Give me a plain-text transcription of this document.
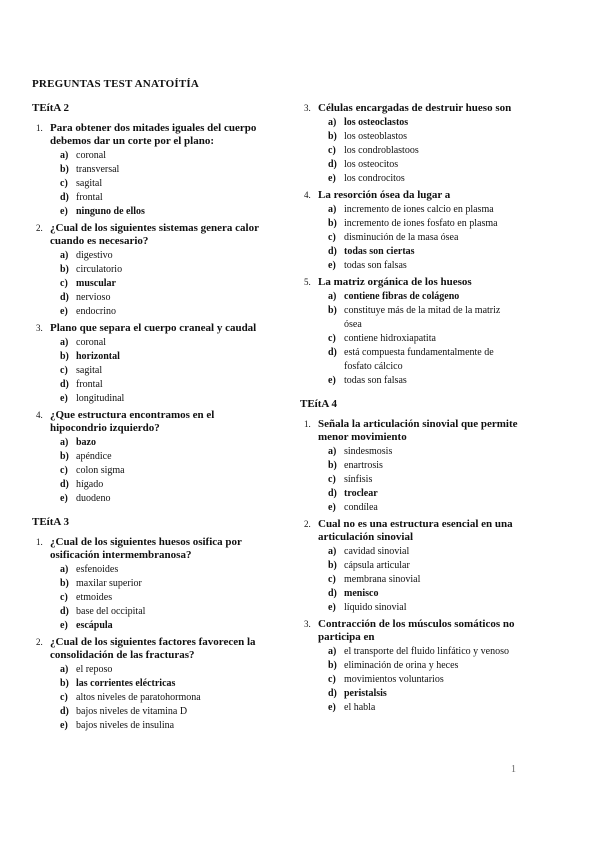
PREGUNTAS TEST ANATOÍTÍA
TEítA 2
1. Para obtener dos mitades iguales del cuerpo debemos dar un corte por el plano:
a) coronal
b) transversal
c) sagital
d) frontal
e) ninguno de ellos
2. ¿Cual de los siguientes sistemas genera calor cuando es necesario?
a) digestivo
b) circulatorio
c) muscular
d) nervioso
e) endocrino
3. Plano que separa el cuerpo craneal y caudal
a) coronal
b) horizontal
c) sagital
d) frontal
e) longitudinal
4. ¿Que estructura encontramos en el hipocondrio izquierdo?
a) bazo
b) apéndice
c) colon sigma
d) hígado
e) duodeno
TEítA 3
1. ¿Cual de los siguientes huesos osifica por osificación intermembranosa?
a) esfenoides
b) maxilar superior
c) etmoides
d) base del occipital
e) escápula
2. ¿Cual de los siguientes factores favorecen la consolidación de las fracturas?
a) el reposo
b) las corrientes eléctricas
c) altos niveles de paratohormona
d) bajos niveles de vitamina D
e) bajos niveles de insulina
3. Células encargadas de destruir hueso son
a) los osteoclastos
b) los osteoblastos
c) los condroblastoos
d) los osteocitos
e) los condrocitos
4. La resorción ósea da lugar a
a) incremento de iones calcio en plasma
b) incremento de iones fosfato en plasma
c) disminución de la masa ósea
d) todas son ciertas
e) todas son falsas
5. La matriz orgánica de los huesos
a) contiene fibras de colágeno
b) constituye más de la mitad de la matriz ósea
c) contiene hidroxiapatita
d) está compuesta fundamentalmente de fosfato cálcico
e) todas son falsas
TEítA 4
1. Señala la articulación sinovial que permite menor movimiento
a) sindesmosis
b) enartrosis
c) sínfisis
d) troclear
e) condílea
2. Cual no es una estructura esencial en una articulación sinovial
a) cavidad sinovial
b) cápsula articular
c) membrana sinovial
d) menisco
e) líquido sinovial
3. Contracción de los músculos somáticos no participa en
a) el transporte del fluido linfático y venoso
b) eliminación de orina y heces
c) movimientos voluntarios
d) peristalsis
e) el habla
1
